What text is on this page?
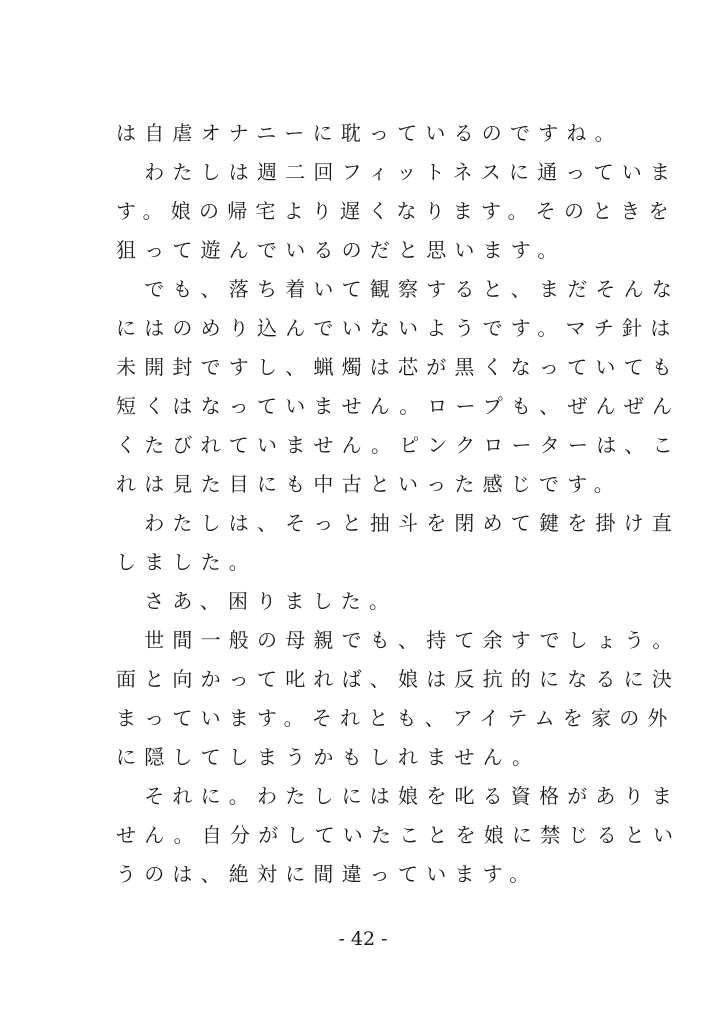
は自虐オナニーに耽っているのですね。
　わたしは週二回フィットネスに通っていま
す。娘の帰宅より遅くなります。そのときを
狙って遊んでいるのだと思います。
　でも、落ち着いて観察すると、まだそんな
にはのめり込んでいないようです。マチ針は
未開封ですし、蝋燭は芯が黒くなっていても
短くはなっていません。ロープも、ぜんぜん
くたびれていません。ピンクローターは、こ
れは見た目にも中古といった感じです。
　わたしは、そっと抽斗を閉めて鍵を掛け直
しました。
　さあ、困りました。
　世間一般の母親でも、持て余すでしょう。
面と向かって叱れば、娘は反抗的になるに決
まっています。それとも、アイテムを家の外
に隠してしまうかもしれません。
　それに。わたしには娘を叱る資格がありま
せん。自分がしていたことを娘に禁じるとい
うのは、絶対に間違っています。
- 42 -
